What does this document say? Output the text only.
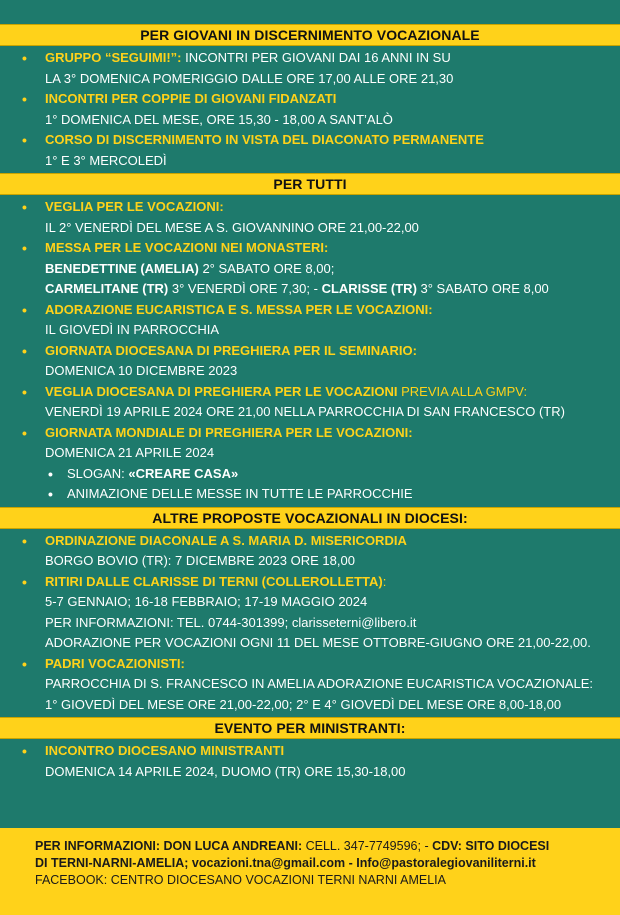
PER GIOVANI IN DISCERNIMENTO VOCAZIONALE
• GRUPPO “SEGUIMI!”: INCONTRI PER GIOVANI DAI 16 ANNI IN SU
LA 3° DOMENICA POMERIGGIO DALLE ORE 17,00 ALLE ORE 21,30
• INCONTRI PER COPPIE DI GIOVANI FIDANZATI
1° DOMENICA DEL MESE, ORE 15,30 - 18,00 A SANT’ALÒ
• CORSO DI DISCERNIMENTO IN VISTA DEL DIACONATO PERMANENTE
1° E 3° MERCOLEDÌ
PER TUTTI
• VEGLIA PER LE VOCAZIONI:
IL 2° VENERDÌ DEL MESE A S. GIOVANNINO ORE 21,00-22,00
• MESSA PER LE VOCAZIONI NEI MONASTERI:
BENEDETTINE (AMELIA) 2° SABATO ORE 8,00;
CARMELITANE (TR) 3° VENERDÌ ORE 7,30; - CLARISSE (TR) 3° SABATO ORE 8,00
• ADORAZIONE EUCARISTICA E S. MESSA PER LE VOCAZIONI:
IL GIOVEDÌ IN PARROCCHIA
• GIORNATA DIOCESANA DI PREGHIERA PER IL SEMINARIO:
DOMENICA 10 DICEMBRE 2023
• VEGLIA DIOCESANA DI PREGHIERA PER LE VOCAZIONI PREVIA ALLA GMPV:
VENERDÌ 19 APRILE 2024 ORE 21,00 NELLA PARROCCHIA DI SAN FRANCESCO (TR)
• GIORNATA MONDIALE DI PREGHIERA PER LE VOCAZIONI:
DOMENICA 21 APRILE 2024
• SLOGAN: «CREARE CASA»
• ANIMAZIONE DELLE MESSE IN TUTTE LE PARROCCHIE
ALTRE PROPOSTE VOCAZIONALI IN DIOCESI:
• ORDINAZIONE DIACONALE A S. MARIA D. MISERICORDIA
BORGO BOVIO (TR): 7 DICEMBRE 2023 ORE 18,00
• RITIRI DALLE CLARISSE DI TERNI (COLLEROLLETTA):
5-7 GENNAIO; 16-18 FEBBRAIO; 17-19 MAGGIO 2024
PER INFORMAZIONI: TEL. 0744-301399; clarisseterni@libero.it
ADORAZIONE PER VOCAZIONI OGNI 11 DEL MESE OTTOBRE-GIUGNO ORE 21,00-22,00.
• PADRI VOCAZIONISTI:
PARROCCHIA DI S. FRANCESCO IN AMELIA ADORAZIONE EUCARISTICA VOCAZIONALE:
1° GIOVEDÌ DEL MESE ORE 21,00-22,00; 2° E 4° GIOVEDÌ DEL MESE ORE 8,00-18,00
EVENTO PER MINISTRANTI:
• INCONTRO DIOCESANO MINISTRANTI
DOMENICA 14 APRILE 2024, DUOMO (TR) ORE 15,30-18,00
PER INFORMAZIONI: DON LUCA ANDREANI: CELL. 347-7749596; - CDV: SITO DIOCESI
DI TERNI-NARNI-AMELIA; vocazioni.tna@gmail.com - Info@pastoralegiovaniliterni.it
FACEBOOK: CENTRO DIOCESANO VOCAZIONI TERNI NARNI AMELIA
